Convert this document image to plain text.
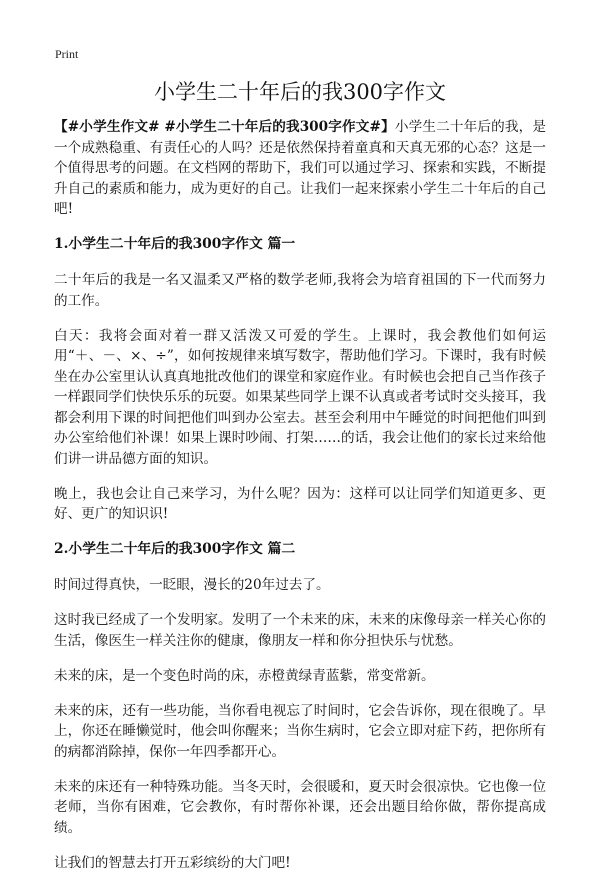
Print
小学生二十年后的我300字作文

【#小学生作文# #小学生二十年后的我300字作文#】小学生二十年后的我，是一个成熟稳重、有责任心的人吗？还是依然保持着童真和天真无邪的心态？这是一个值得思考的问题。在文档网的帮助下，我们可以通过学习、探索和实践，不断提升自己的素质和能力，成为更好的自己。让我们一起来探索小学生二十年后的自己吧!

1.小学生二十年后的我300字作文 篇一

二十年后的我是一名又温柔又严格的数学老师,我将会为培育祖国的下一代而努力的工作。

白天：我将会面对着一群又活泼又可爱的学生。上课时，我会教他们如何运用“＋、－、×、÷”，如何按规律来填写数字，帮助他们学习。下课时，我有时候坐在办公室里认认真真地批改他们的课堂和家庭作业。有时候也会把自己当作孩子一样跟同学们快快乐乐的玩耍。如果某些同学上课不认真或者考试时交头接耳，我都会利用下课的时间把他们叫到办公室去。甚至会利用中午睡觉的时间把他们叫到办公室给他们补课！如果上课时吵闹、打架……的话，我会让他们的家长过来给他们讲一讲品德方面的知识。

晚上，我也会让自己来学习，为什么呢？因为：这样可以让同学们知道更多、更好、更广的知识识!

2.小学生二十年后的我300字作文 篇二

时间过得真快，一眨眼，漫长的20年过去了。

这时我已经成了一个发明家。发明了一个未来的床，未来的床像母亲一样关心你的生活，像医生一样关注你的健康，像朋友一样和你分担快乐与忧愁。

未来的床，是一个变色时尚的床，赤橙黄绿青蓝紫，常变常新。

未来的床，还有一些功能，当你看电视忘了时间时，它会告诉你，现在很晚了。早上，你还在睡懒觉时，他会叫你醒来；当你生病时，它会立即对症下药，把你所有的病都消除掉，保你一年四季都开心。

未来的床还有一种特殊功能。当冬天时，会很暖和，夏天时会很凉快。它也像一位老师，当你有困难，它会教你，有时帮你补课，还会出题目给你做，帮你提高成绩。

让我们的智慧去打开五彩缤纷的大门吧!
